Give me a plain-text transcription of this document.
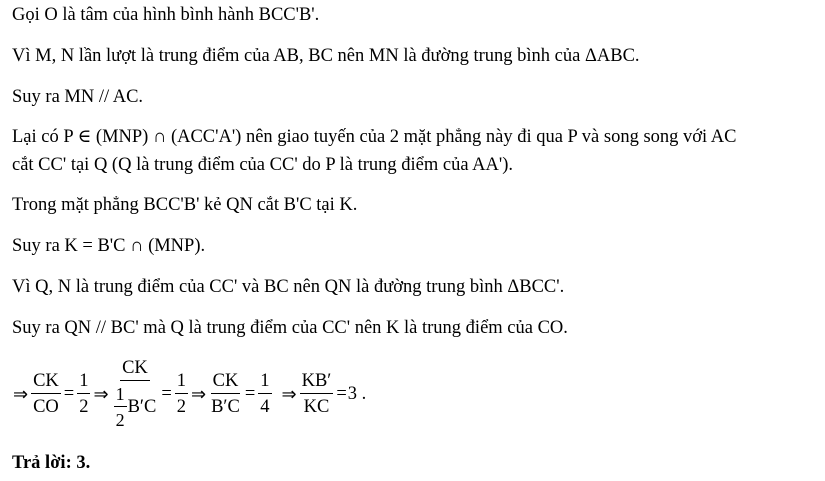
Gọi O là tâm của hình bình hành BCC'B'.
Vì M, N lần lượt là trung điểm của AB, BC nên MN là đường trung bình của ΔABC.
Suy ra MN // AC.
Lại có P ∈ (MNP) ∩ (ACC'A') nên giao tuyến của 2 mặt phẳng này đi qua P và song song với AC
cắt CC' tại Q (Q là trung điểm của CC' do P là trung điểm của AA').
Trong mặt phẳng BCC'B' kẻ QN cắt B'C tại K.
Suy ra K = B'C ∩ (MNP).
Vì Q, N là trung điểm của CC' và BC nên QN là đường trung bình ΔBCC'.
Suy ra QN // BC' mà Q là trung điểm của CC' nên K là trung điểm của CO.
⇒ $\frac{CK}{CO} = \frac{1}{2}$ ⇒ $\frac{CK}{\frac{1}{2} B'C} = \frac{1}{2}$ ⇒ $\frac{CK}{B'C} = \frac{1}{4}$ ⇒ $\frac{KB'}{KC} = 3$ .
Trả lời: 3.
